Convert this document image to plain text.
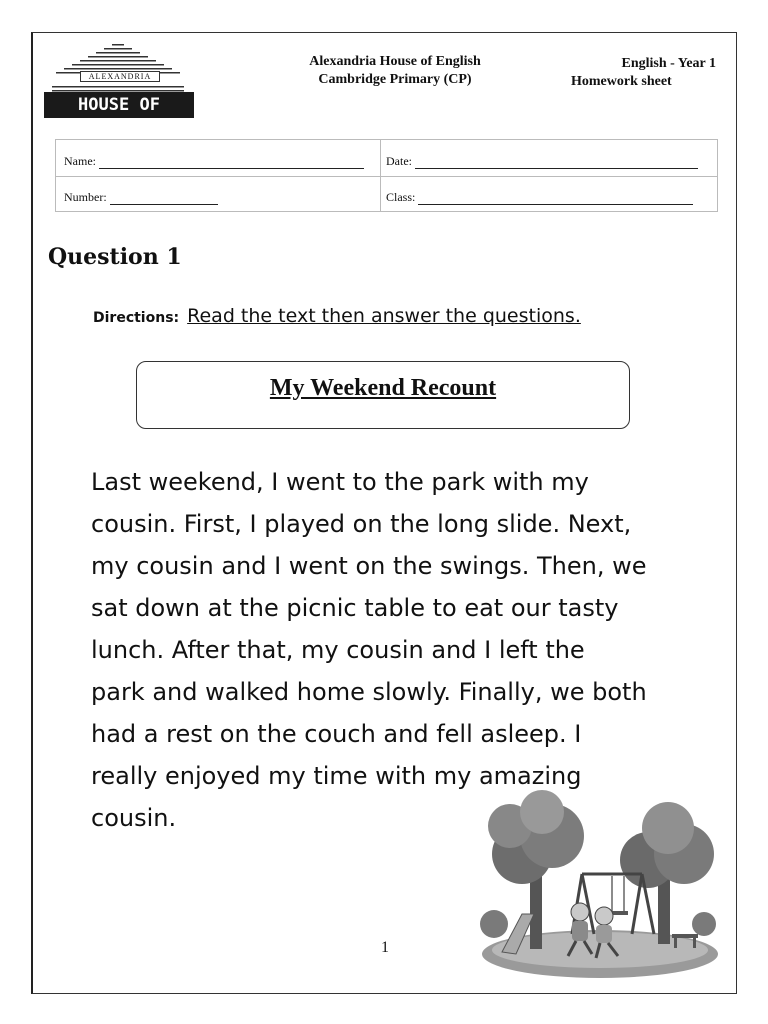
ALEXANDRIA
HOUSE OF ENGLISH
Alexandria House of English
Cambridge Primary (CP)
English - Year 1
Homework sheet
Name:	Date:
Number:	Class:
Question 1
Directions: Read the text then answer the questions.
My Weekend Recount

Last weekend, I went to the park with my

cousin. First, I played on the long slide. Next,

my cousin and I went on the swings. Then, we

sat down at the picnic table to eat our tasty

lunch. After that, my cousin and I left the

park and walked home slowly. Finally, we both

had a rest on the couch and fell asleep. I

really enjoyed my time with my amazing

cousin.

1
